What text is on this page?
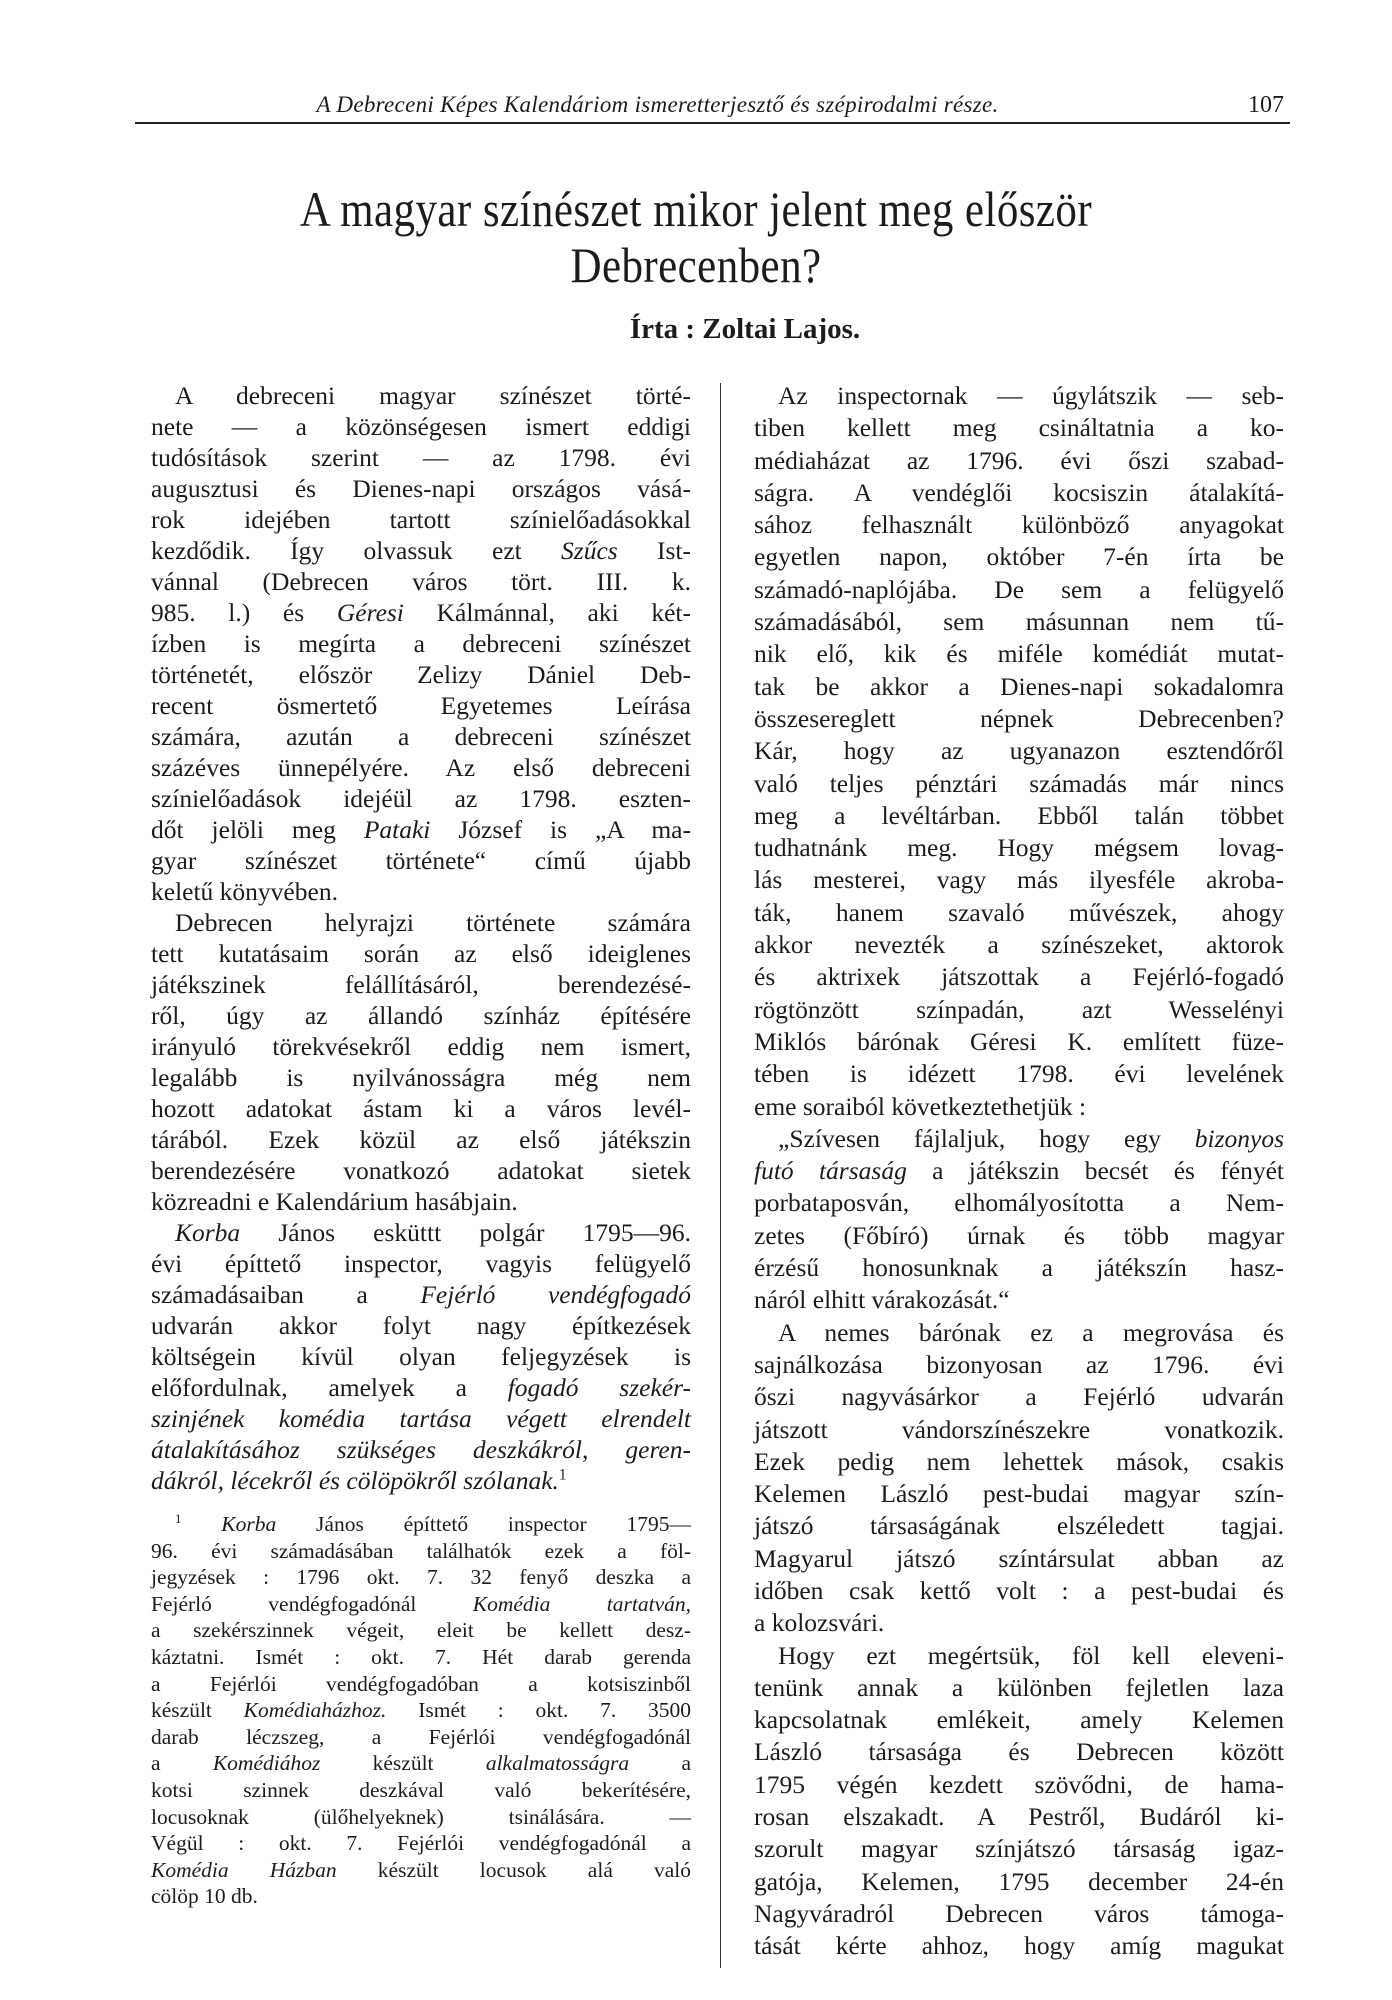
A Debreceni Képes Kalendáriom ismeretterjesztő és szépirodalmi része.	107
A magyar színészet mikor jelent meg először
Debrecenben?
Írta : Zoltai Lajos.
A debreceni magyar színészet törté-
nete — a közönségesen ismert eddigi
tudósítások szerint — az 1798. évi
augusztusi és Dienes-napi országos vásá-
rok idejében tartott színielőadásokkal
kezdődik. Így olvassuk ezt Szűcs Ist-
vánnal (Debrecen város tört. III. k.
985. l.) és Géresi Kálmánnal, aki két-
ízben is megírta a debreceni színészet
történetét, először Zelizy Dániel Deb-
recent ösmertető Egyetemes Leírása
számára, azután a debreceni színészet
százéves ünnepélyére. Az első debreceni
színielőadások idejéül az 1798. eszten-
dőt jelöli meg Pataki József is „A ma-
gyar színészet története“ című újabb
keletű könyvében.
Debrecen helyrajzi története számára
tett kutatásaim során az első ideiglenes
játékszinek felállításáról, berendezésé-
ről, úgy az állandó színház építésére
irányuló törekvésekről eddig nem ismert,
legalább is nyilvánosságra még nem
hozott adatokat ástam ki a város levél-
tárából. Ezek közül az első játékszin
berendezésére vonatkozó adatokat sietek
közreadni e Kalendárium hasábjain.
Korba János esküttt polgár 1795—96.
évi építtető inspector, vagyis felügyelő
számadásaiban a Fejérló vendégfogadó
udvarán akkor folyt nagy építkezések
költségein kívül olyan feljegyzések is
előfordulnak, amelyek a fogadó szekér-
szinjének komédia tartása végett elrendelt
átalakításához szükséges deszkákról, geren-
dákról, lécekről és cölöpökről szólanak.$^1$
Az inspectornak — úgylátszik — seb-
tiben kellett meg csináltatnia a ko-
médiaházat az 1796. évi őszi szabad-
ságra. A vendéglői kocsiszin átalakítá-
sához felhasznált különböző anyagokat
egyetlen napon, október 7-én írta be
számadó-naplójába. De sem a felügyelő
számadásából, sem másunnan nem tű-
nik elő, kik és miféle komédiát mutat-
tak be akkor a Dienes-napi sokadalomra
összesereglett népnek Debrecenben?
Kár, hogy az ugyanazon esztendőről
való teljes pénztári számadás már nincs
meg a levéltárban. Ebből talán többet
tudhatnánk meg. Hogy mégsem lovag-
lás mesterei, vagy más ilyesféle akroba-
ták, hanem szavaló művészek, ahogy
akkor nevezték a színészeket, aktorok
és aktrixek játszottak a Fejérló-fogadó
rögtönzött színpadán, azt Wesselényi
Miklós bárónak Géresi K. említett füze-
tében is idézett 1798. évi levelének
eme soraiból következtethetjük :
„Szívesen fájlaljuk, hogy egy bizonyos
futó társaság a játékszin becsét és fényét
porbataposván, elhomályosította a Nem-
zetes (Főbíró) úrnak és több magyar
érzésű honosunknak a játékszín hasz-
náról elhitt várakozását.“
A nemes bárónak ez a megrovása és
sajnálkozása bizonyosan az 1796. évi
őszi nagyvásárkor a Fejérló udvarán
játszott vándorszínészekre vonatkozik.
Ezek pedig nem lehettek mások, csakis
Kelemen László pest-budai magyar szín-
játszó társaságának elszéledett tagjai.
Magyarul játszó színtársulat abban az
időben csak kettő volt : a pest-budai és
a kolozsvári.
Hogy ezt megértsük, föl kell eleveni-
tenünk annak a különben fejletlen laza
kapcsolatnak emlékeit, amely Kelemen
László társasága és Debrecen között
1795 végén kezdett szövődni, de hama-
rosan elszakadt. A Pestről, Budáról ki-
szorult magyar színjátszó társaság igaz-
gatója, Kelemen, 1795 december 24-én
Nagyváradról Debrecen város támoga-
tását kérte ahhoz, hogy amíg magukat
$^1$ Korba János építtető inspector 1795—
96. évi számadásában találhatók ezek a föl-
jegyzések : 1796 okt. 7. 32 fenyő deszka a
Fejérló vendégfogadónál Komédia tartatván,
a szekérszinnek végeit, eleit be kellett desz-
káztatni. Ismét : okt. 7. Hét darab gerenda
a Fejérlói vendégfogadóban a kotsiszinből
készült Komédiaházhoz. Ismét : okt. 7. 3500
darab léczszeg, a Fejérlói vendégfogadónál
a Komédiához készült alkalmatosságra a
kotsi szinnek deszkával való bekerítésére,
locusoknak (ülőhelyeknek) tsinálására. —
Végül : okt. 7. Fejérlói vendégfogadónál a
Komédia Házban készült locusok alá való
cölöp 10 db.
